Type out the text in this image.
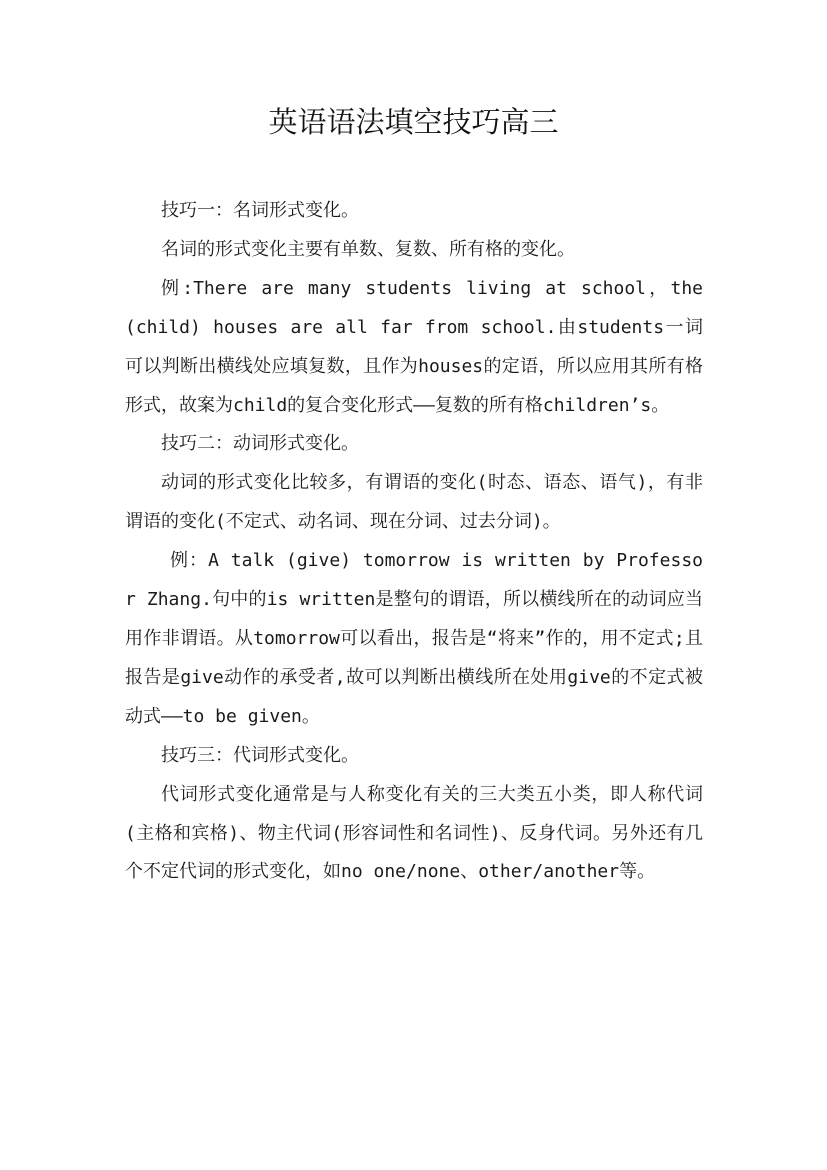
英语语法填空技巧高三

技巧一：名词形式变化。

名词的形式变化主要有单数、复数、所有格的变化。

例:There are many students living at school，the (child) houses are all far from school.由students一词可以判断出横线处应填复数，且作为houses的定语，所以应用其所有格形式，故案为child的复合变化形式——复数的所有格children’s。

技巧二：动词形式变化。

动词的形式变化比较多，有谓语的变化(时态、语态、语气)，有非谓语的变化(不定式、动名词、现在分词、过去分词)。

例：A talk (give) tomorrow is written by Professor Zhang.句中的is written是整句的谓语，所以横线所在的动词应当用作非谓语。从tomorrow可以看出，报告是“将来”作的，用不定式;且报告是give动作的承受者,故可以判断出横线所在处用give的不定式被动式——to be given。

技巧三：代词形式变化。

代词形式变化通常是与人称变化有关的三大类五小类，即人称代词(主格和宾格)、物主代词(形容词性和名词性)、反身代词。另外还有几个不定代词的形式变化，如no one/none、other/another等。
